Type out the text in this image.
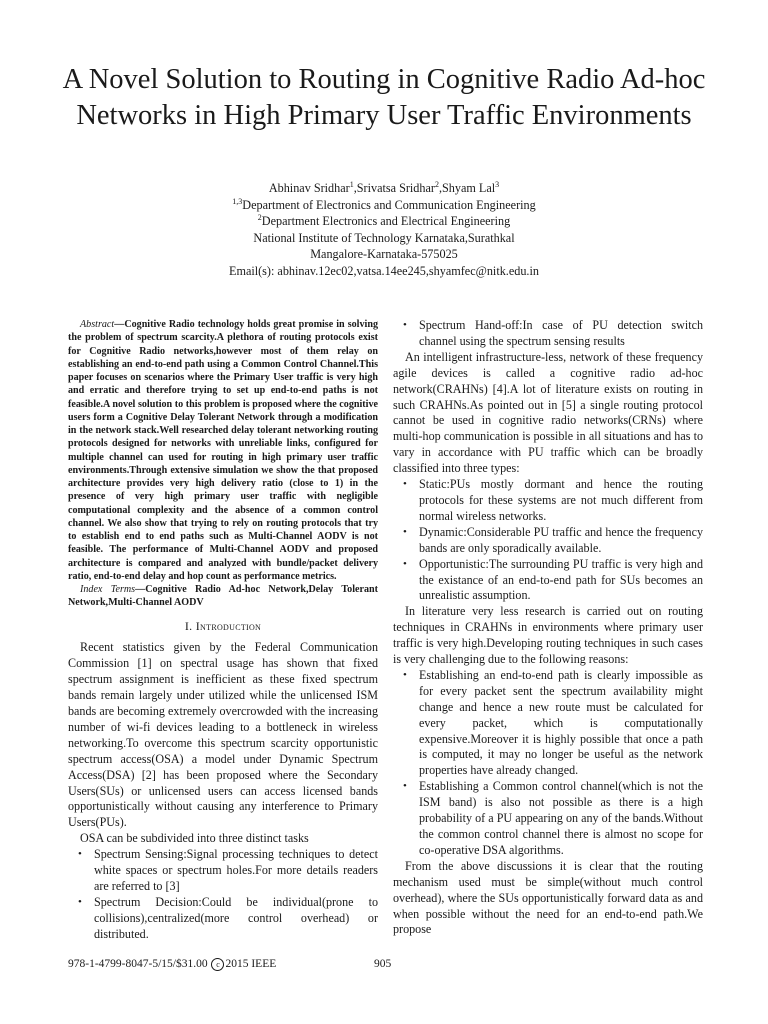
A Novel Solution to Routing in Cognitive Radio Ad-hoc Networks in High Primary User Traffic Environments
Abhinav Sridhar$^1$,Srivatsa Sridhar$^2$,Shyam Lal$^3$
$^{1,3}$Department of Electronics and Communication Engineering
$^2$Department Electronics and Electrical Engineering
National Institute of Technology Karnataka,Surathkal
Mangalore-Karnataka-575025
Email(s): abhinav.12ec02,vatsa.14ee245,shyamfec@nitk.edu.in

Abstract—Cognitive Radio technology holds great promise in solving the problem of spectrum scarcity.A plethora of routing protocols exist for Cognitive Radio networks,however most of them relay on establishing an end-to-end path using a Common Control Channel.This paper focuses on scenarios where the Primary User traffic is very high and erratic and therefore trying to set up end-to-end paths is not feasible.A novel solution to this problem is proposed where the cognitive users form a Cognitive Delay Tolerant Network through a modification in the network stack.Well researched delay tolerant networking routing protocols designed for networks with unreliable links, configured for multiple channel can used for routing in high primary user traffic environments.Through extensive simulation we show the that proposed architecture provides very high delivery ratio (close to 1) in the presence of very high primary user traffic with negligible computational complexity and the absence of a common control channel. We also show that trying to rely on routing protocols that try to establish end to end paths such as Multi-Channel AODV is not feasible. The performance of Multi-Channel AODV and proposed architecture is compared and analyzed with bundle/packet delivery ratio, end-to-end delay and hop count as performance metrics.

Index Terms—Cognitive Radio Ad-hoc Network,Delay Tolerant Network,Multi-Channel AODV

I. Introduction

Recent statistics given by the Federal Communication Commission [1] on spectral usage has shown that fixed spectrum assignment is inefficient as these fixed spectrum bands remain largely under utilized while the unlicensed ISM bands are becoming extremely overcrowded with the increasing number of wi-fi devices leading to a bottleneck in wireless networking.To overcome this spectrum scarcity opportunistic spectrum access(OSA) a model under Dynamic Spectrum Access(DSA) [2] has been proposed where the Secondary Users(SUs) or unlicensed users can access licensed bands opportunistically without causing any interference to Primary Users(PUs).

OSA can be subdivided into three distinct tasks

• Spectrum Sensing:Signal processing techniques to detect white spaces or spectrum holes.For more details readers are referred to [3]
• Spectrum Decision:Could be individual(prone to collisions),centralized(more control overhead) or distributed.
• Spectrum Hand-off:In case of PU detection switch channel using the spectrum sensing results

An intelligent infrastructure-less, network of these frequency agile devices is called a cognitive radio ad-hoc network(CRAHNs) [4].A lot of literature exists on routing in such CRAHNs.As pointed out in [5] a single routing protocol cannot be used in cognitive radio networks(CRNs) where multi-hop communication is possible in all situations and has to vary in accordance with PU traffic which can be broadly classified into three types:

• Static:PUs mostly dormant and hence the routing protocols for these systems are not much different from normal wireless networks.
• Dynamic:Considerable PU traffic and hence the frequency bands are only sporadically available.
• Opportunistic:The surrounding PU traffic is very high and the existance of an end-to-end path for SUs becomes an unrealistic assumption.

In literature very less research is carried out on routing techniques in CRAHNs in environments where primary user traffic is very high.Developing routing techniques in such cases is very challenging due to the following reasons:

• Establishing an end-to-end path is clearly impossible as for every packet sent the spectrum availability might change and hence a new route must be calculated for every packet, which is computationally expensive.Moreover it is highly possible that once a path is computed, it may no longer be useful as the network properties have already changed.
• Establishing a Common control channel(which is not the ISM band) is also not possible as there is a high probability of a PU appearing on any of the bands.Without the common control channel there is almost no scope for co-operative DSA algorithms.

From the above discussions it is clear that the routing mechanism used must be simple(without much control overhead), where the SUs opportunistically forward data as and when possible without the need for an end-to-end path.We propose

978-1-4799-8047-5/15/$31.00 c 2015 IEEE	905
